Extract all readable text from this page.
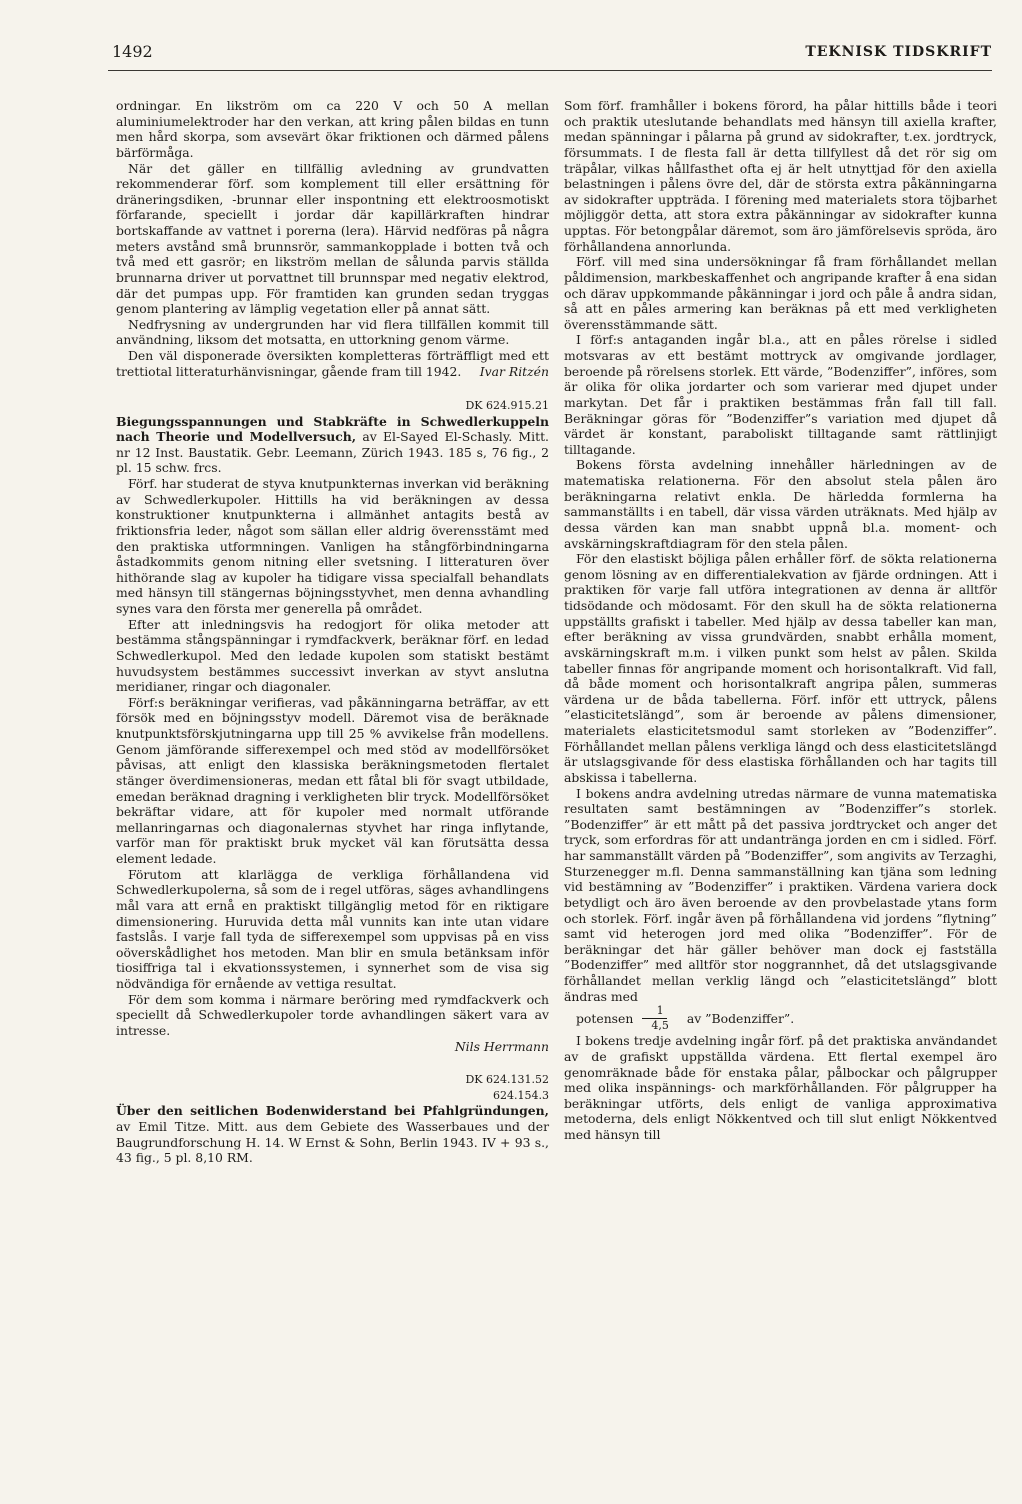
1492	TEKNISK TIDSKRIFT

ordningar. En likström om ca 220 V och 50 A mellan aluminiumelektroder har den verkan, att kring pålen bildas en tunn men hård skorpa, som avsevärt ökar friktionen och därmed pålens bärförmåga.

När det gäller en tillfällig avledning av grundvatten rekommenderar förf. som komplement till eller ersättning för dräneringsdiken, -brunnar eller inspontning ett elektroosmotiskt förfarande, speciellt i jordar där kapillärkraften hindrar bortskaffande av vattnet i porerna (lera). Härvid nedföras på några meters avstånd små brunnsrör, sammankopplade i botten två och två med ett gasrör; en likström mellan de sålunda parvis ställda brunnarna driver ut porvattnet till brunnspar med negativ elektrod, där det pumpas upp. För framtiden kan grunden sedan tryggas genom plantering av lämplig vegetation eller på annat sätt.

Nedfrysning av undergrunden har vid flera tillfällen kommit till användning, liksom det motsatta, en uttorkning genom värme.

Den väl disponerade översikten kompletteras förträffligt med ett trettiotal litteraturhänvisningar, gående fram till 1942.	Ivar Ritzén

DK 624.915.21

Biegungsspannungen und Stabkräfte in Schwedlerkuppeln nach Theorie und Modellversuch, av El-Sayed El-Schasly. Mitt. nr 12 Inst. Baustatik. Gebr. Leemann, Zürich 1943. 185 s, 76 fig., 2 pl. 15 schw. frcs.

Förf. har studerat de styva knutpunkternas inverkan vid beräkning av Schwedlerkupoler. Hittills ha vid beräkningen av dessa konstruktioner knutpunkterna i allmänhet antagits bestå av friktionsfria leder, något som sällan eller aldrig överensstämt med den praktiska utformningen. Vanligen ha stångförbindningarna åstadkommits genom nitning eller svetsning. I litteraturen över hithörande slag av kupoler ha tidigare vissa specialfall behandlats med hänsyn till stängernas böjningsstyvhet, men denna avhandling synes vara den första mer generella på området.

Efter att inledningsvis ha redogjort för olika metoder att bestämma stångspänningar i rymdfackverk, beräknar förf. en ledad Schwedlerkupol. Med den ledade kupolen som statiskt bestämt huvudsystem bestämmes successivt inverkan av styvt anslutna meridianer, ringar och diagonaler.

Förf:s beräkningar verifieras, vad påkänningarna beträffar, av ett försök med en böjningsstyv modell. Däremot visa de beräknade knutpunktsförskjutningarna upp till 25 % avvikelse från modellens. Genom jämförande sifferexempel och med stöd av modellförsöket påvisas, att enligt den klassiska beräkningsmetoden flertalet stänger överdimensioneras, medan ett fåtal bli för svagt utbildade, emedan beräknad dragning i verkligheten blir tryck. Modellförsöket bekräftar vidare, att för kupoler med normalt utförande mellanringarnas och diagonalernas styvhet har ringa inflytande, varför man för praktiskt bruk mycket väl kan förutsätta dessa element ledade.

Förutom att klarlägga de verkliga förhållandena vid Schwedlerkupolerna, så som de i regel utföras, säges avhandlingens mål vara att ernå en praktiskt tillgänglig metod för en riktigare dimensionering. Huruvida detta mål vunnits kan inte utan vidare fastslås. I varje fall tyda de sifferexempel som uppvisas på en viss oöverskådlighet hos metoden. Man blir en smula betänksam inför tiosiffriga tal i ekvationssystemen, i synnerhet som de visa sig nödvändiga för ernående av vettiga resultat.

För dem som komma i närmare beröring med rymdfackverk och speciellt då Schwedlerkupoler torde avhandlingen säkert vara av intresse.

Nils Herrmann

DK 624.131.52

624.154.3

Über den seitlichen Bodenwiderstand bei Pfahlgründungen, av Emil Titze. Mitt. aus dem Gebiete des Wasserbaues und der Baugrundforschung H. 14. W Ernst & Sohn, Berlin 1943. IV + 93 s., 43 fig., 5 pl. 8,10 RM.

Som förf. framhåller i bokens förord, ha pålar hittills både i teori och praktik uteslutande behandlats med hänsyn till axiella krafter, medan spänningar i pålarna på grund av sidokrafter, t.ex. jordtryck, försummats. I de flesta fall är detta tillfyllest då det rör sig om träpålar, vilkas hållfasthet ofta ej är helt utnyttjad för den axiella belastningen i pålens övre del, där de största extra påkänningarna av sidokrafter uppträda. I förening med materialets stora töjbarhet möjliggör detta, att stora extra påkänningar av sidokrafter kunna upptas. För betongpålar däremot, som äro jämförelsevis spröda, äro förhållandena annorlunda.

Förf. vill med sina undersökningar få fram förhållandet mellan påldimension, markbeskaffenhet och angripande krafter å ena sidan och därav uppkommande påkänningar i jord och påle å andra sidan, så att en påles armering kan beräknas på ett med verkligheten överensstämmande sätt.

I förf:s antaganden ingår bl.a., att en påles rörelse i sidled motsvaras av ett bestämt mottryck av omgivande jordlager, beroende på rörelsens storlek. Ett värde, ”Bodenziffer”, införes, som är olika för olika jordarter och som varierar med djupet under markytan. Det får i praktiken bestämmas från fall till fall. Beräkningar göras för ”Bodenziffer”s variation med djupet då värdet är konstant, paraboliskt tilltagande samt rättlinjigt tilltagande.

Bokens första avdelning innehåller härledningen av de matematiska relationerna. För den absolut stela pålen äro beräkningarna relativt enkla. De härledda formlerna ha sammanställts i en tabell, där vissa värden uträknats. Med hjälp av dessa värden kan man snabbt uppnå bl.a. moment- och avskärningskraftdiagram för den stela pålen.

För den elastiskt böjliga pålen erhåller förf. de sökta relationerna genom lösning av en differentialekvation av fjärde ordningen. Att i praktiken för varje fall utföra integrationen av denna är alltför tidsödande och mödosamt. För den skull ha de sökta relationerna uppställts grafiskt i tabeller. Med hjälp av dessa tabeller kan man, efter beräkning av vissa grundvärden, snabbt erhålla moment, avskärningskraft m.m. i vilken punkt som helst av pålen. Skilda tabeller finnas för angripande moment och horisontalkraft. Vid fall, då både moment och horisontalkraft angripa pålen, summeras värdena ur de båda tabellerna. Förf. inför ett uttryck, pålens ”elasticitetslängd”, som är beroende av pålens dimensioner, materialets elasticitetsmodul samt storleken av ”Bodenziffer”. Förhållandet mellan pålens verkliga längd och dess elasticitetslängd är utslagsgivande för dess elastiska förhållanden och har tagits till abskissa i tabellerna.

I bokens andra avdelning utredas närmare de vunna matematiska resultaten samt bestämningen av ”Bodenziffer”s storlek. ”Bodenziffer” är ett mått på det passiva jordtrycket och anger det tryck, som erfordras för att undantränga jorden en cm i sidled. Förf. har sammanställt värden på ”Bodenziffer”, som angivits av Terzaghi, Sturzenegger m.fl. Denna sammanställning kan tjäna som ledning vid bestämning av ”Bodenziffer” i praktiken. Värdena variera dock betydligt och äro även beroende av den provbelastade ytans form och storlek. Förf. ingår även på förhållandena vid jordens ”flytning” samt vid heterogen jord med olika ”Bodenziffer”. För de beräkningar det här gäller behöver man dock ej fastställa ”Bodenziffer” med alltför stor noggrannhet, då det utslagsgivande förhållandet mellan verklig längd och ”elasticitetslängd” blott ändras med

potensen $\frac{1}{4,5}$	av ”Bodenziffer”.

I bokens tredje avdelning ingår förf. på det praktiska användandet av de grafiskt uppställda värdena. Ett flertal exempel äro genomräknade både för enstaka pålar, pålbockar och pålgrupper med olika inspännings- och markförhållanden. För pålgrupper ha beräkningar utförts, dels enligt de vanliga approximativa metoderna, dels enligt Nökkentved och till slut enligt Nökkentved med hänsyn till
